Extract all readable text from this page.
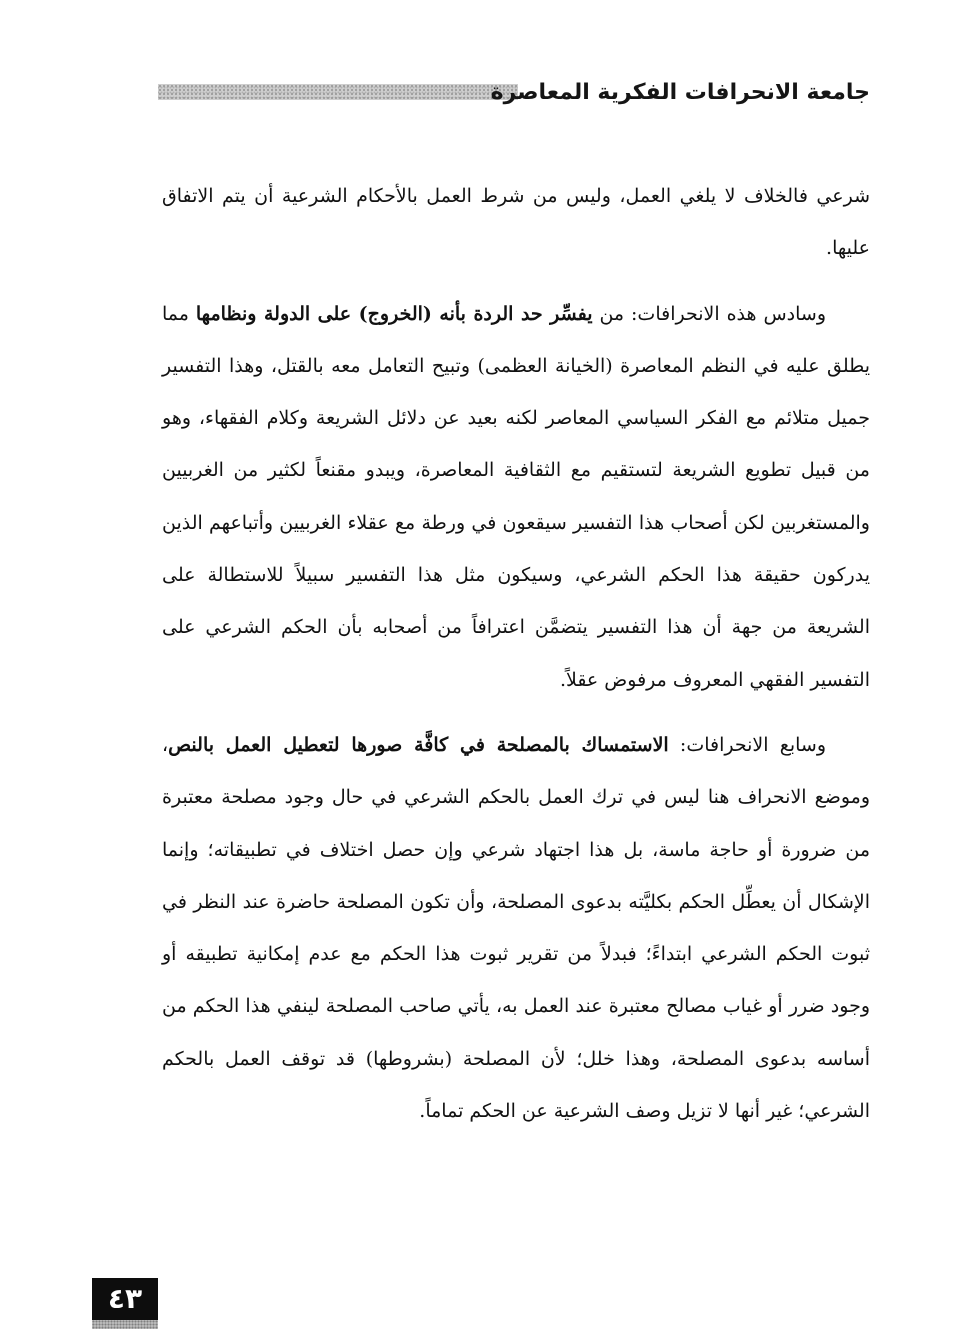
جامعة الانحرافات الفكرية المعاصرة

شرعي فالخلاف لا يلغي العمل، وليس من شرط العمل بالأحكام الشرعية أن يتم الاتفاق عليها.

وسادس هذه الانحرافات: من يفسِّر حد الردة بأنه (الخروج) على الدولة ونظامها مما يطلق عليه في النظم المعاصرة (الخيانة العظمى) وتبيح التعامل معه بالقتل، وهذا التفسير جميل متلائم مع الفكر السياسي المعاصر لكنه بعيد عن دلائل الشريعة وكلام الفقهاء، وهو من قبيل تطويع الشريعة لتستقيم مع الثقافية المعاصرة، ويبدو مقنعاً لكثير من الغربيين والمستغربين لكن أصحاب هذا التفسير سيقعون في ورطة مع عقلاء الغربيين وأتباعهم الذين يدركون حقيقة هذا الحكم الشرعي، وسيكون مثل هذا التفسير سبيلاً للاستطالة على الشريعة من جهة أن هذا التفسير يتضمَّن اعترافاً من أصحابه بأن الحكم الشرعي على التفسير الفقهي المعروف مرفوض عقلاً.

وسابع الانحرافات: الاستمساك بالمصلحة في كافَّة صورها لتعطيل العمل بالنص، وموضع الانحراف هنا ليس في ترك العمل بالحكم الشرعي في حال وجود مصلحة معتبرة من ضرورة أو حاجة ماسة، بل هذا اجتهاد شرعي وإن حصل اختلاف في تطبيقاته؛ وإنما الإشكال أن يعطِّل الحكم بكليَّته بدعوى المصلحة، وأن تكون المصلحة حاضرة عند النظر في ثبوت الحكم الشرعي ابتداءً؛ فبدلاً من تقرير ثبوت هذا الحكم مع عدم إمكانية تطبيقه أو وجود ضرر أو غياب مصالح معتبرة عند العمل به، يأتي صاحب المصلحة لينفي هذا الحكم من أساسه بدعوى المصلحة، وهذا خلل؛ لأن المصلحة (بشروطها) قد توقف العمل بالحكم الشرعي؛ غير أنها لا تزيل وصف الشرعية عن الحكم تماماً.

٤٣
